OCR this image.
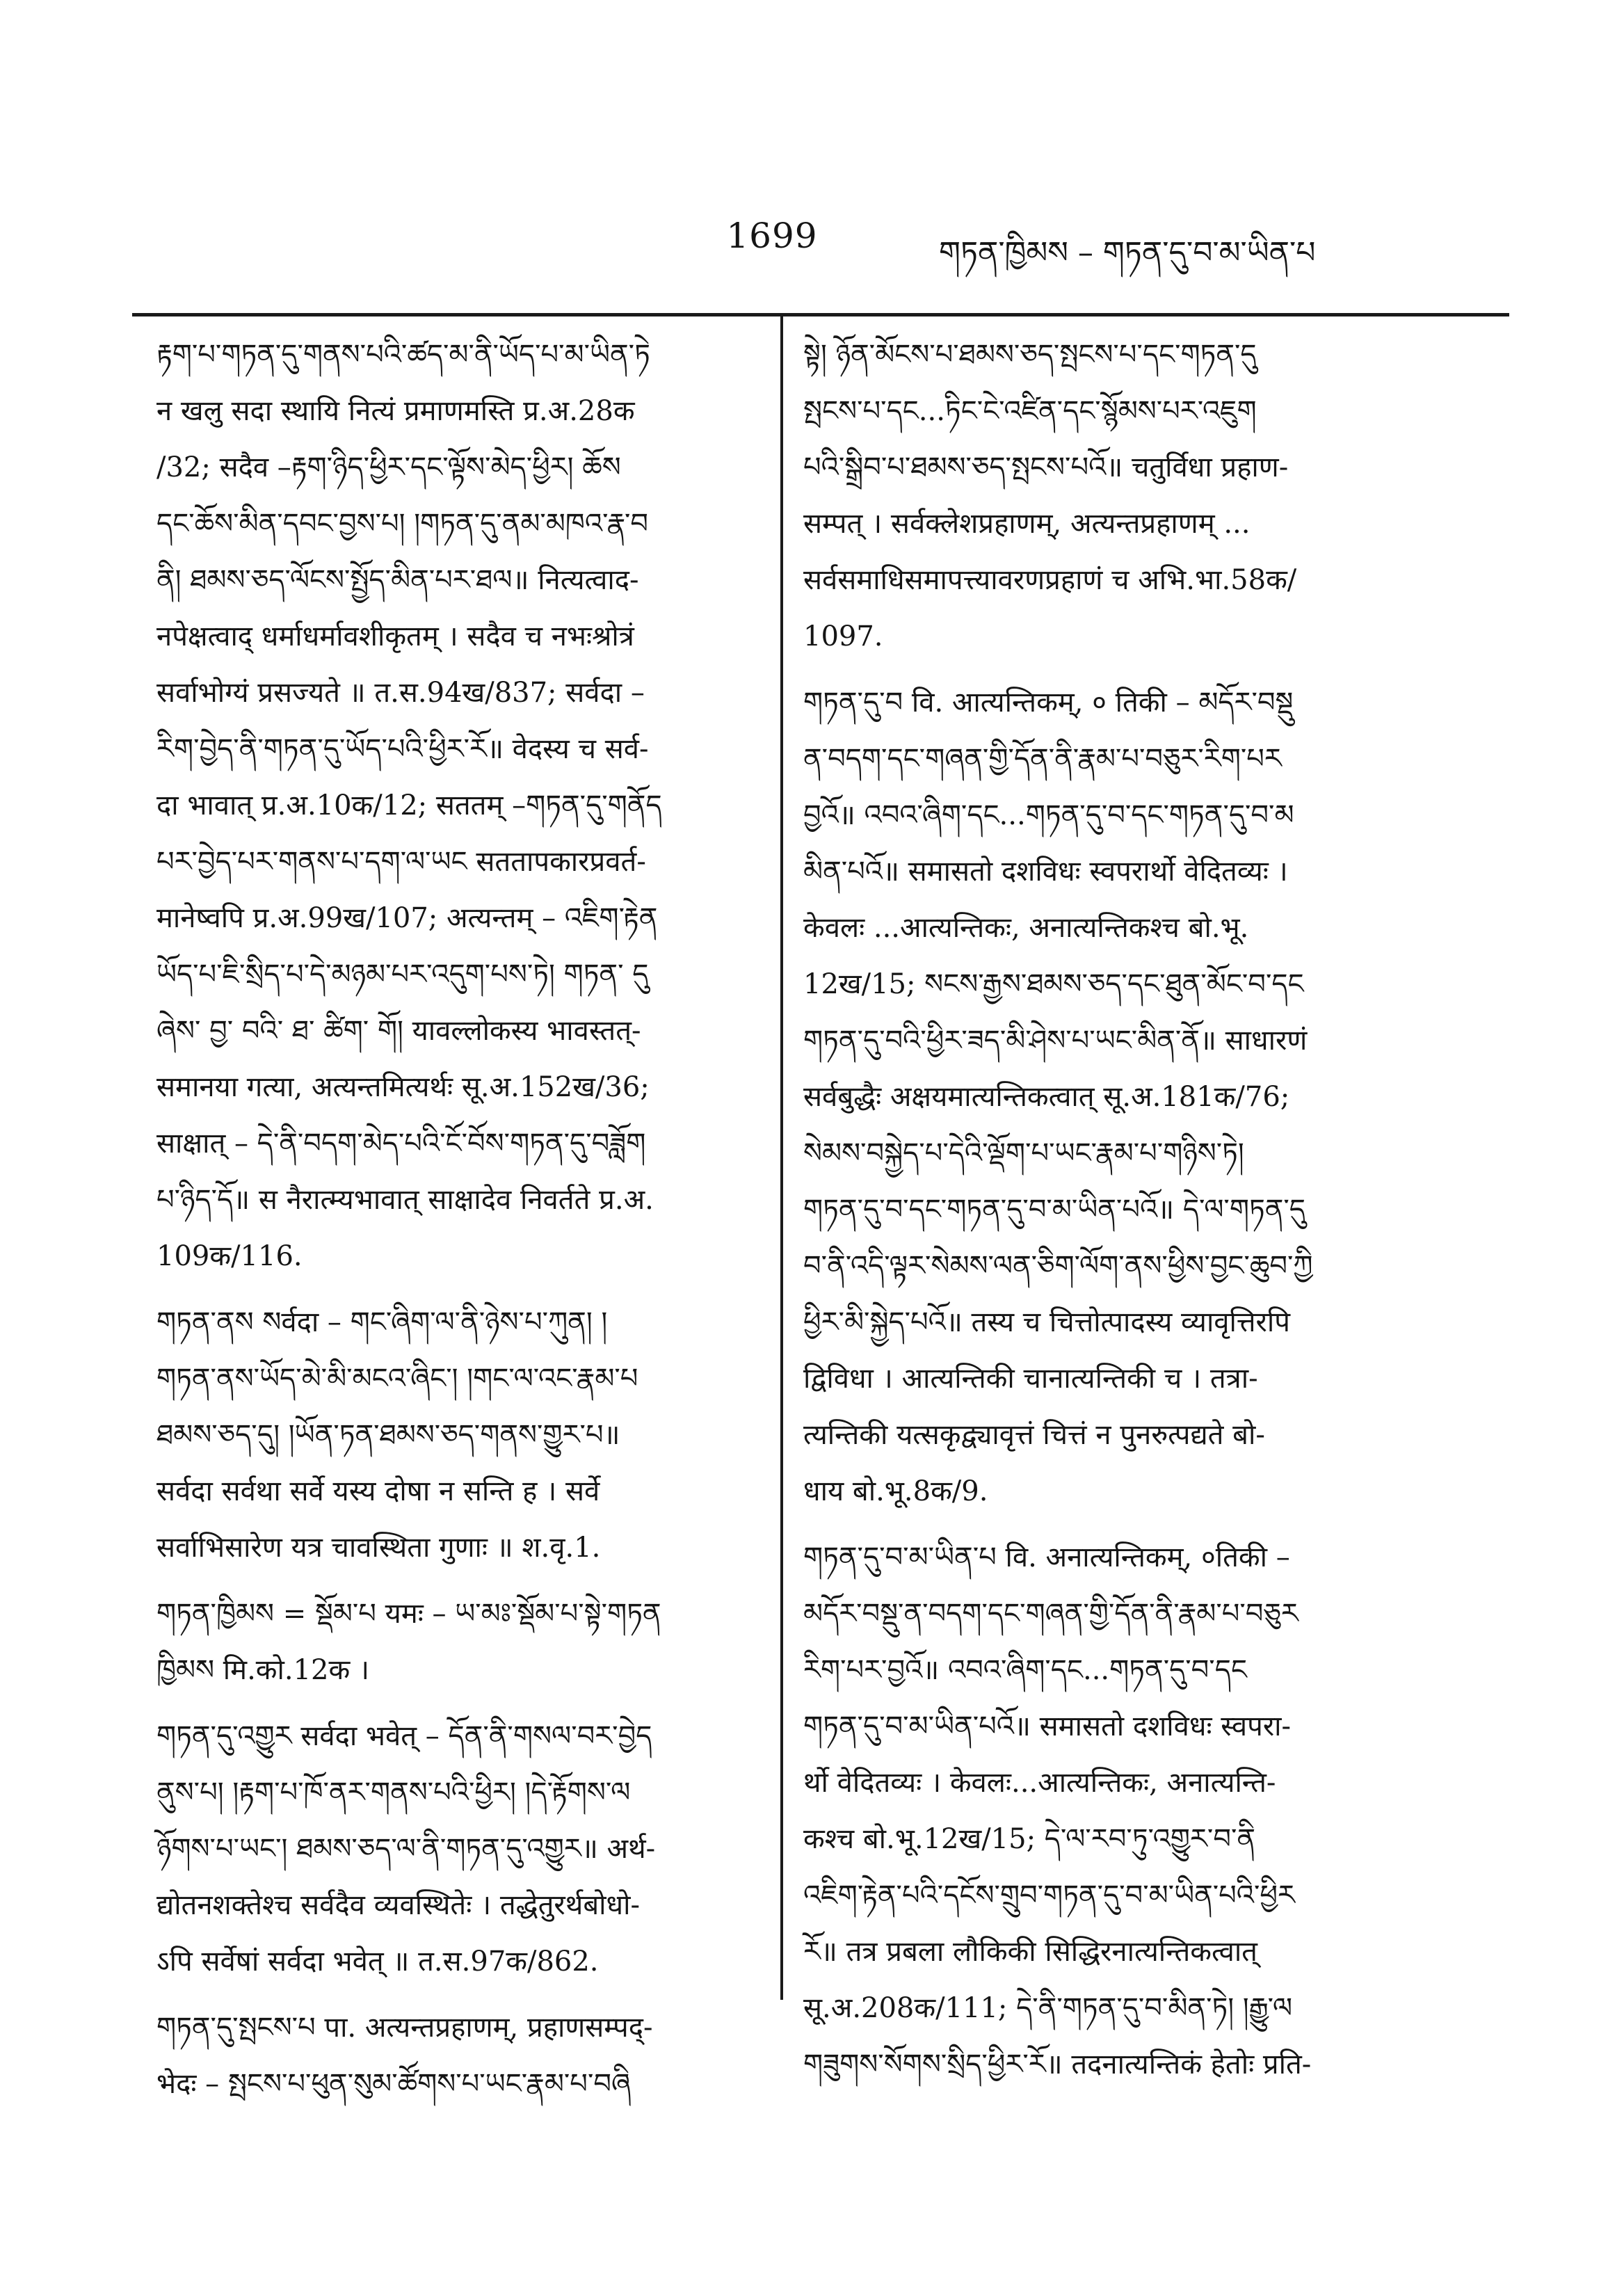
1699	གཏན་ཁྱིམས – གཏན་དུ་བ་མ་ཡིན་པ
རྟག་པ་གཏན་དུ་གནས་པའི་ཚད་མ་ནི་ཡོད་པ་མ་ཡིན་ཏེ
न खलु सदा स्थायि नित्यं प्रमाणमस्ति प्र.अ.28क
/32; सदैव –རྟག་ཉིད་ཕྱིར་དང་ལྟོས་མེད་ཕྱིར། ཆོས
དང་ཆོས་མིན་དབང་བྱས་པ། །གཏན་དུ་ནམ་མཁའ་རྣ་བ
ནི། ཐམས་ཅད་ལོངས་སྤྱོད་མིན་པར་ཐལ॥ नित्यत्वाद-
नपेक्षत्वाद् धर्माधर्मावशीकृतम् । सदैव च नभःश्रोत्रं
सर्वाभोग्यं प्रसज्यते ॥ त.स.94ख/837; सर्वदा –
རིག་བྱེད་ནི་གཏན་དུ་ཡོད་པའི་ཕྱིར་རོ॥ वेदस्य च सर्व-
दा भावात् प्र.अ.10क/12; सततम् –གཏན་དུ་གནོད
པར་བྱེད་པར་གནས་པ་དག་ལ་ཡང सततापकारप्रवर्त-
मानेष्वपि प्र.अ.99ख/107; अत्यन्तम् – འཇིག་རྟེན
ཡོད་པ་ཇི་སྲིད་པ་དེ་མཉམ་པར་འདུག་པས་ཏེ། གཏན་ དུ
ཞེས་ བྱ་ བའི་ ཐ་ ཚིག་ གོ། यावल्लोकस्य भावस्तत्-
समानया गत्या, अत्यन्तमित्यर्थः सू.अ.152ख/36;
साक्षात् – དེ་ནི་བདག་མེད་པའི་ངོ་བོས་གཏན་དུ་བཟློག
པ་ཉིད་དོ॥ स नैरात्म्यभावात् साक्षादेव निवर्तते प्र.अ.
109क/116.
གཏན་ནས སर्वदा – གང་ཞིག་ལ་ནི་ཉེས་པ་ཀུན། །
གཏན་ནས་ཡོད་མེ་མི་མངའ་ཞིང་། །གང་ལ་འང་རྣམ་པ
ཐམས་ཅད་དུ། །ཡོན་ཏན་ཐམས་ཅད་གནས་གྱུར་པ॥
सर्वदा सर्वथा सर्वे यस्य दोषा न सन्ति ह । सर्वे
सर्वाभिसारेण यत्र चावस्थिता गुणाः ॥ श.वृ.1.
གཏན་ཁྱིམས = སྡོམ་པ यमः – ཡ་མཿ་སྡོམ་པ་སྟེ་གཏན
ཁྱིམས मि.को.12क ।
གཏན་དུ་འགྱུར सर्वदा भवेत् – དོན་ནི་གསལ་བར་བྱེད
ནུས་པ། །རྟག་པ་ཁོ་ནར་གནས་པའི་ཕྱིར། །དེ་རྟོགས་ལ
ཉོགས་པ་ཡང་། ཐམས་ཅད་ལ་ནི་གཏན་དུ་འགྱུར॥ अर्थ-
द्योतनशक्तेश्च सर्वदैव व्यवस्थितेः । तद्धेतुरर्थबोधो-
ऽपि सर्वेषां सर्वदा भवेत् ॥ त.स.97क/862.
གཏན་དུ་སྤངས་པ पा. अत्यन्तप्रहाणम्, प्रहाणसम्पद्-
भेदः – སྤངས་པ་ཕུན་སུམ་ཚོགས་པ་ཡང་རྣམ་པ་བཞི
སྟེ། ཉོན་མོངས་པ་ཐམས་ཅད་སྤངས་པ་དང་གཏན་དུ
སྤངས་པ་དང...ཏིང་ངེ་འཛིན་དང་སྙོམས་པར་འཇུག
པའི་སྒྲིབ་པ་ཐམས་ཅད་སྤངས་པའོ॥ चतुर्विधा प्रहाण-
सम्पत् । सर्वक्लेशप्रहाणम्, अत्यन्तप्रहाणम् ...
सर्वसमाधिसमापत्त्यावरणप्रहाणं च अभि.भा.58क/
1097.
གཏན་དུ་བ वि. आत्यन्तिकम्, ० तिकी – མདོར་བསྡུ
ན་བདག་དང་གཞན་གྱི་དོན་ནི་རྣམ་པ་བཅུར་རིག་པར
བྱའོ॥ འབའ་ཞིག་དང...གཏན་དུ་བ་དང་གཏན་དུ་བ་མ
མིན་པའོ॥ समासतो दशविधः स्वपरार्थो वेदितव्यः ।
केवलः ...आत्यन्तिकः, अनात्यन्तिकश्च बो.भू.
12ख/15; སངས་རྒྱས་ཐམས་ཅད་དང་ཐུན་མོང་བ་དང
གཏན་དུ་བའི་ཕྱིར་ཟད་མི་ཤེས་པ་ཡང་མིན་ནོ॥ साधारणं
सर्वबुद्धैः अक्षयमात्यन्तिकत्वात् सू.अ.181क/76;
སེམས་བསྐྱེད་པ་དེའི་ལྡོག་པ་ཡང་རྣམ་པ་གཉིས་ཏེ།
གཏན་དུ་བ་དང་གཏན་དུ་བ་མ་ཡིན་པའོ॥ དེ་ལ་གཏན་དུ
བ་ནི་འདི་ལྟར་སེམས་ལན་ཅིག་ལོག་ནས་ཕྱིས་བྱང་ཆུབ་ཀྱི
ཕྱིར་མི་སྐྱེད་པའོ॥ तस्य च चित्तोत्पादस्य व्यावृत्तिरपि
द्विविधा । आत्यन्तिकी चानात्यन्तिकी च । तत्रा-
त्यन्तिकी यत्सकृद्व्यावृत्तं चित्तं न पुनरुत्पद्यते बो-
धाय बो.भू.8क/9.
གཏན་དུ་བ་མ་ཡིན་པ वि. अनात्यन्तिकम्, ०तिकी –
མདོར་བསྡུ་ན་བདག་དང་གཞན་གྱི་དོན་ནི་རྣམ་པ་བཅུར
རིག་པར་བྱའོ॥ འབའ་ཞིག་དང...གཏན་དུ་བ་དང
གཏན་དུ་བ་མ་ཡིན་པའོ॥ समासतो दशविधः स्वपरा-
र्थो वेदितव्यः । केवलः...आत्यन्तिकः, अनात्यन्ति-
कश्च बो.भू.12ख/15; དེ་ལ་རབ་ཏུ་འགྱུར་བ་ནི
འཇིག་རྟེན་པའི་དངོས་གྲུབ་གཏན་དུ་བ་མ་ཡིན་པའི་ཕྱིར
རོ॥ तत्र प्रबला लौकिकी सिद्धिरनात्यन्तिकत्वात्
सू.अ.208क/111; དེ་ནི་གཏན་དུ་བ་མིན་ཏེ། །རྒྱུ་ལ
གཟུགས་སོགས་སྲིད་ཕྱིར་རོ॥ तदनात्यन्तिकं हेतोः प्रति-
